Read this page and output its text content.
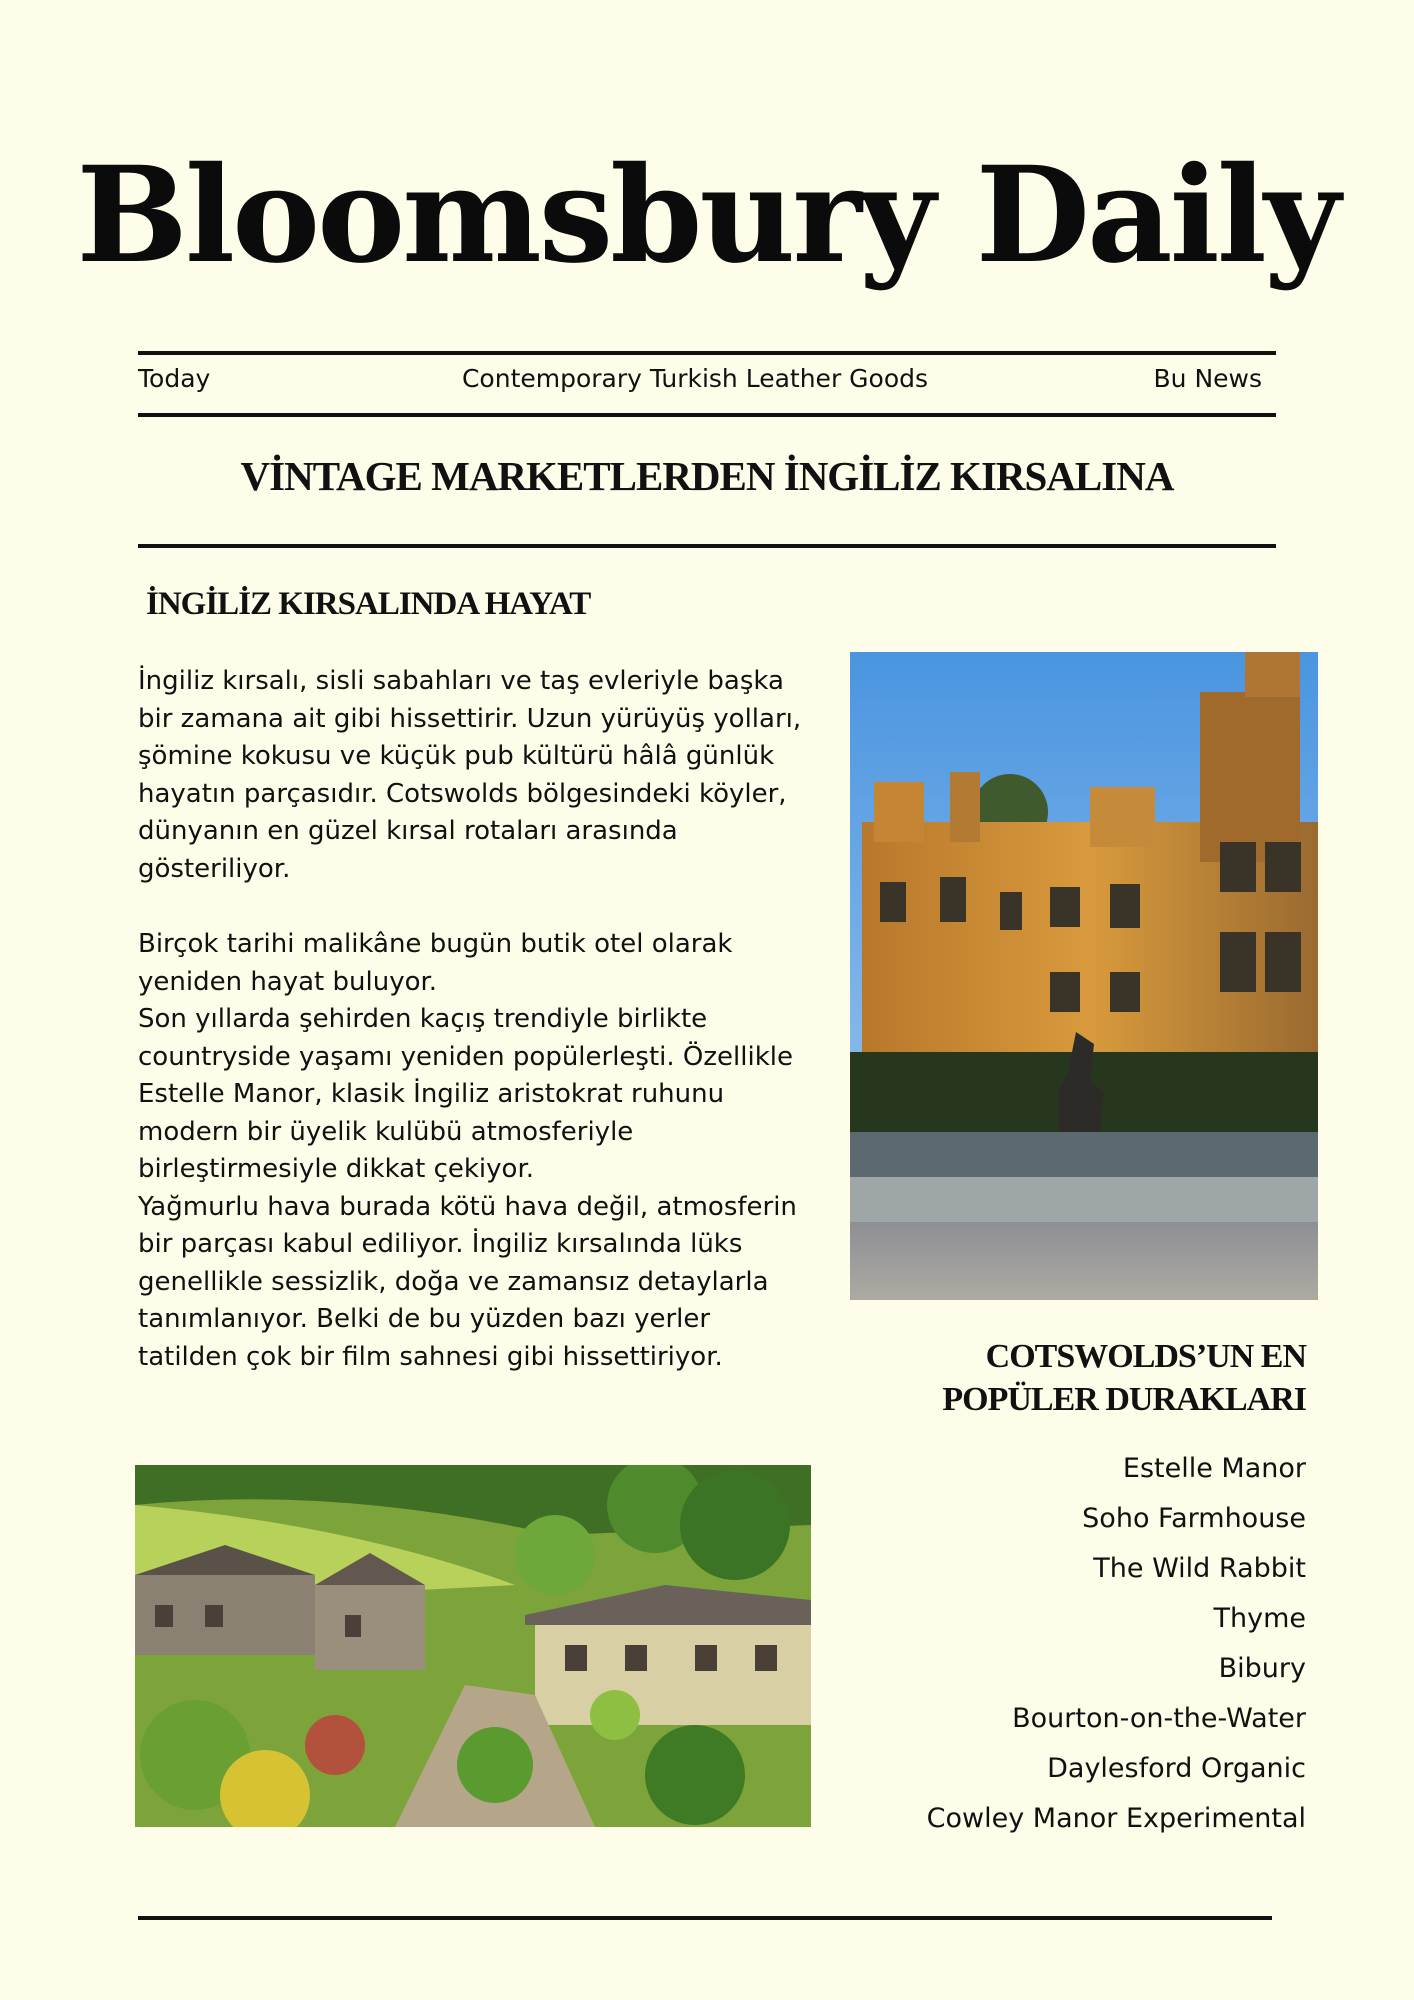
Bloomsbury Daily
Today	Contemporary Turkish Leather Goods	Bu News
VİNTAGE MARKETLERDEN İNGİLİZ KIRSALINA
İNGİLİZ KIRSALINDA HAYAT

İngiliz kırsalı, sisli sabahları ve taş evleriyle başka bir zamana ait gibi hissettirir. Uzun yürüyüş yolları, şömine kokusu ve küçük pub kültürü hâlâ günlük hayatın parçasıdır. Cotswolds bölgesindeki köyler, dünyanın en güzel kırsal rotaları arasında gösteriliyor.

Birçok tarihi malikâne bugün butik otel olarak yeniden hayat buluyor.
Son yıllarda şehirden kaçış trendiyle birlikte countryside yaşamı yeniden popülerleşti. Özellikle Estelle Manor, klasik İngiliz aristokrat ruhunu modern bir üyelik kulübü atmosferiyle birleştirmesiyle dikkat çekiyor.
Yağmurlu hava burada kötü hava değil, atmosferin bir parçası kabul ediliyor. İngiliz kırsalında lüks genellikle sessizlik, doğa ve zamansız detaylarla tanımlanıyor. Belki de bu yüzden bazı yerler tatilden çok bir film sahnesi gibi hissettiriyor.	COTSWOLDS’UN EN
POPÜLER DURAKLARI
Estelle Manor
Soho Farmhouse
The Wild Rabbit
Thyme
Bibury
Bourton-on-the-Water
Daylesford Organic
Cowley Manor Experimental
